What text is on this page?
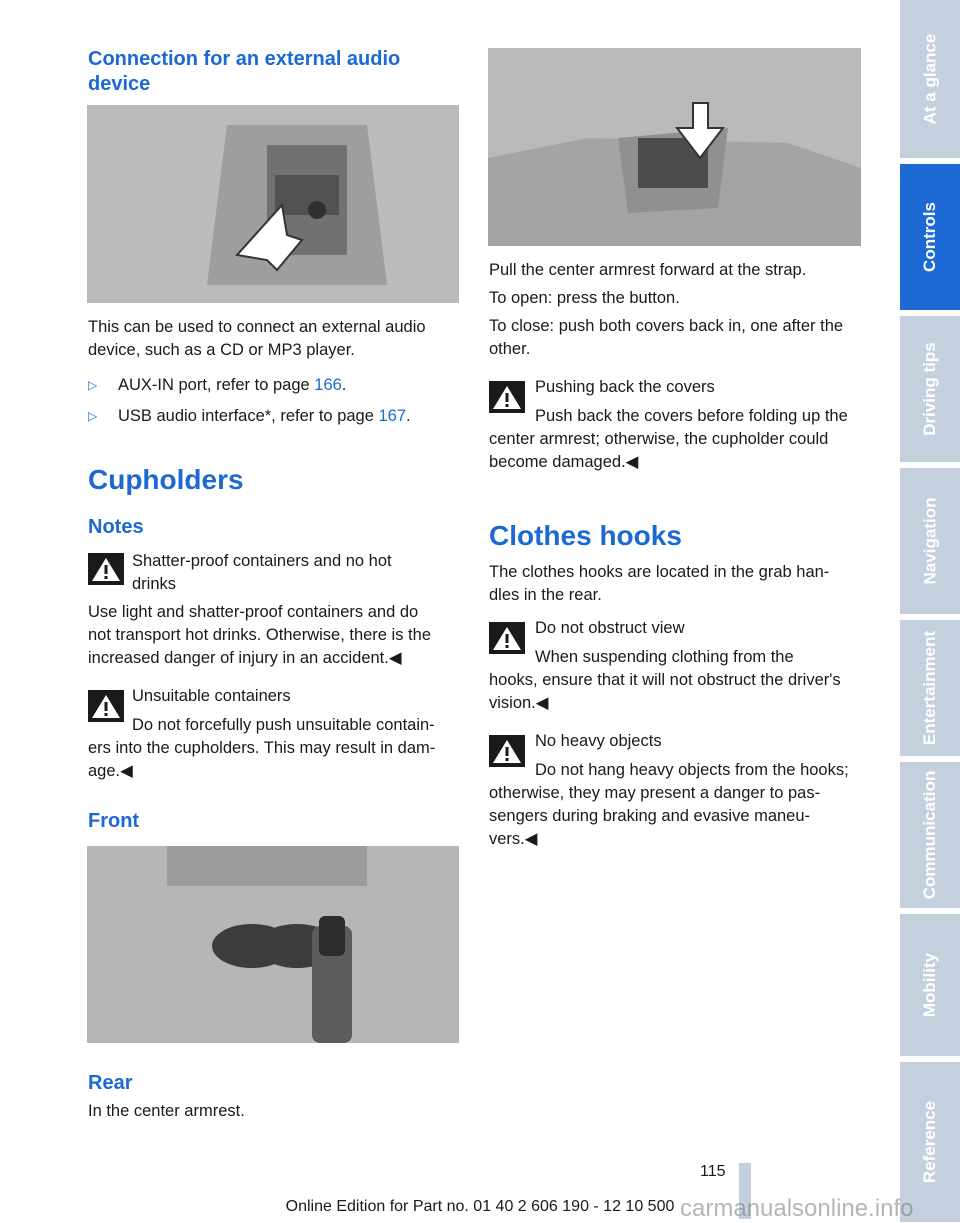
Connection for an external audio
device

This can be used to connect an external audio
device, such as a CD or MP3 player.

▷ AUX-IN port, refer to page 166.
▷ USB audio interface*, refer to page 167.
Cupholders
Notes

Shatter-proof containers and no hot
drinks

Use light and shatter-proof containers and do
not transport hot drinks. Otherwise, there is the
increased danger of injury in an accident.◀

Unsuitable containers

Do not forcefully push unsuitable contain-

ers into the cupholders. This may result in dam-
age.◀

Front
Rear

In the center armrest.

Pull the center armrest forward at the strap.

To open: press the button.

To close: push both covers back in, one after the
other.

Pushing back the covers

Push back the covers before folding up the

center armrest; otherwise, the cupholder could
become damaged.◀

Clothes hooks

The clothes hooks are located in the grab han-
dles in the rear.

Do not obstruct view

When suspending clothing from the

hooks, ensure that it will not obstruct the driver's
vision.◀

No heavy objects

Do not hang heavy objects from the hooks;

otherwise, they may present a danger to pas-
sengers during braking and evasive maneu-
vers.◀

At a glance
Controls
Driving tips
Navigation
Entertainment
Communication
Mobility
Reference
115
Online Edition for Part no. 01 40 2 606 190 - 12 10 500 carmanualsonline.info
